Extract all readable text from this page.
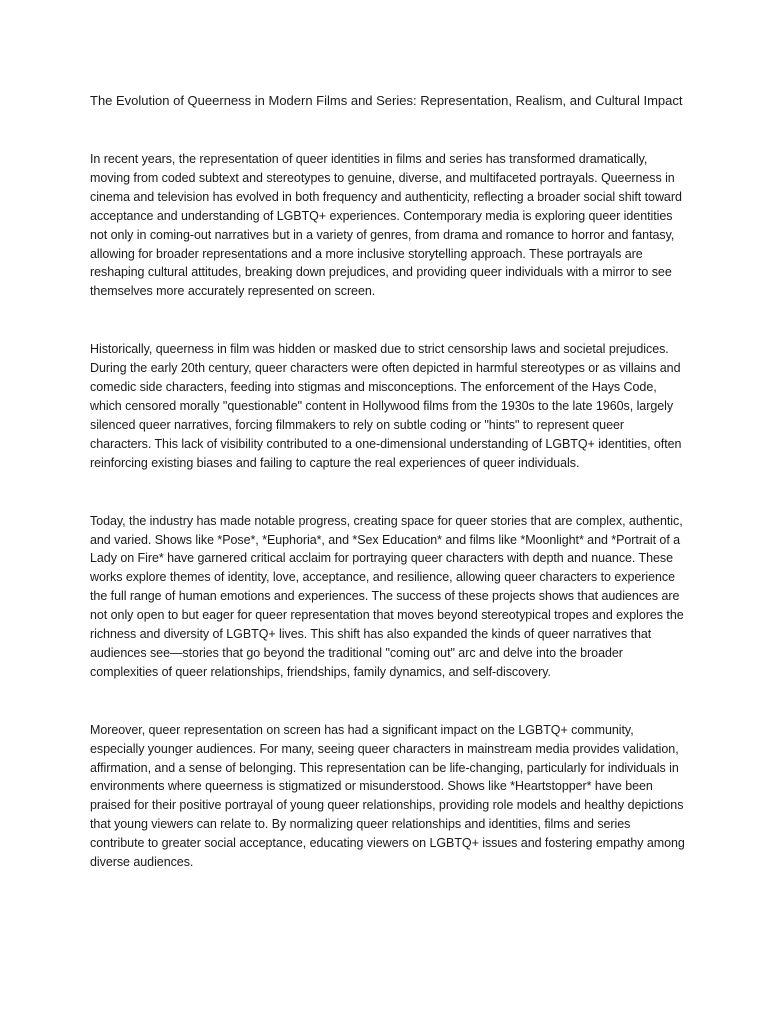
The Evolution of Queerness in Modern Films and Series: Representation, Realism, and Cultural Impact

In recent years, the representation of queer identities in films and series has transformed dramatically, moving from coded subtext and stereotypes to genuine, diverse, and multifaceted portrayals. Queerness in cinema and television has evolved in both frequency and authenticity, reflecting a broader social shift toward acceptance and understanding of LGBTQ+ experiences. Contemporary media is exploring queer identities not only in coming-out narratives but in a variety of genres, from drama and romance to horror and fantasy, allowing for broader representations and a more inclusive storytelling approach. These portrayals are reshaping cultural attitudes, breaking down prejudices, and providing queer individuals with a mirror to see themselves more accurately represented on screen.

Historically, queerness in film was hidden or masked due to strict censorship laws and societal prejudices. During the early 20th century, queer characters were often depicted in harmful stereotypes or as villains and comedic side characters, feeding into stigmas and misconceptions. The enforcement of the Hays Code, which censored morally "questionable" content in Hollywood films from the 1930s to the late 1960s, largely silenced queer narratives, forcing filmmakers to rely on subtle coding or "hints" to represent queer characters. This lack of visibility contributed to a one-dimensional understanding of LGBTQ+ identities, often reinforcing existing biases and failing to capture the real experiences of queer individuals.

Today, the industry has made notable progress, creating space for queer stories that are complex, authentic, and varied. Shows like *Pose*, *Euphoria*, and *Sex Education* and films like *Moonlight* and *Portrait of a Lady on Fire* have garnered critical acclaim for portraying queer characters with depth and nuance. These works explore themes of identity, love, acceptance, and resilience, allowing queer characters to experience the full range of human emotions and experiences. The success of these projects shows that audiences are not only open to but eager for queer representation that moves beyond stereotypical tropes and explores the richness and diversity of LGBTQ+ lives. This shift has also expanded the kinds of queer narratives that audiences see—stories that go beyond the traditional "coming out" arc and delve into the broader complexities of queer relationships, friendships, family dynamics, and self-discovery.

Moreover, queer representation on screen has had a significant impact on the LGBTQ+ community, especially younger audiences. For many, seeing queer characters in mainstream media provides validation, affirmation, and a sense of belonging. This representation can be life-changing, particularly for individuals in environments where queerness is stigmatized or misunderstood. Shows like *Heartstopper* have been praised for their positive portrayal of young queer relationships, providing role models and healthy depictions that young viewers can relate to. By normalizing queer relationships and identities, films and series contribute to greater social acceptance, educating viewers on LGBTQ+ issues and fostering empathy among diverse audiences.
